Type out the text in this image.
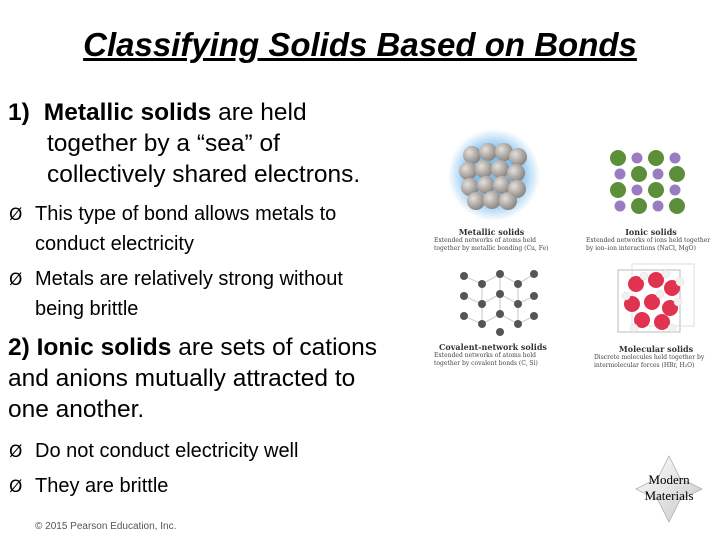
Classifying Solids Based on Bonds
1) Metallic solids are held
together by a “sea” of
collectively shared electrons.
Ø This type of bond allows metals to
conduct electricity
Ø Metals are relatively strong without
being brittle
2) Ionic solids are sets of cations
and anions mutually attracted to
one another.
Ø Do not conduct electricity well
Ø They are brittle
© 2015 Pearson Education, Inc.
Metallic solids
Extended networks of atoms held
together by metallic bonding (Cu, Fe)
Ionic solids
Extended networks of ions held together
by ion–ion interactions (NaCl, MgO)
Covalent-network solids
Extended networks of atoms held
together by covalent bonds (C, Si)
Molecular solids
Discrete molecules held together by
intermolecular forces (HBr, H₂O)
Modern
Materials
